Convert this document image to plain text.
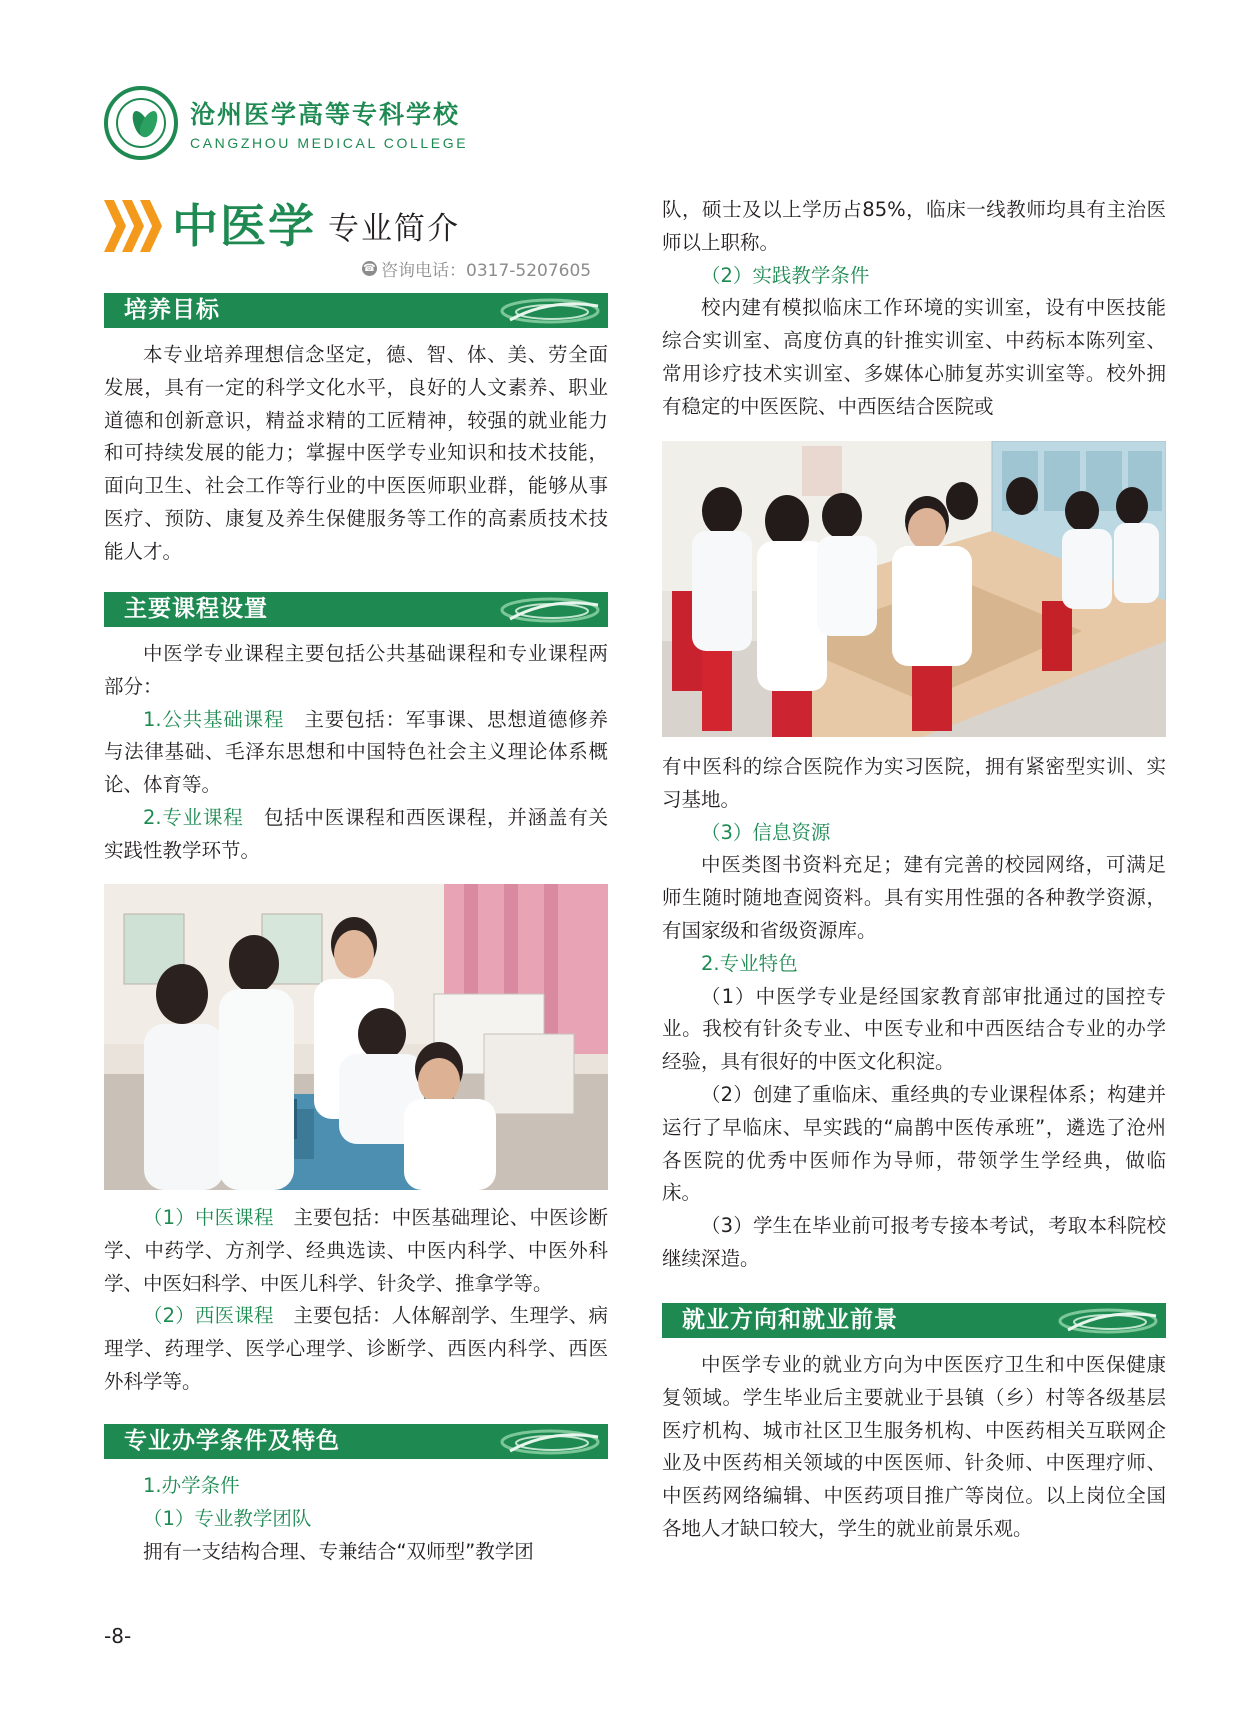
沧州医学高等专科学校
CANGZHOU MEDICAL COLLEGE
中医学 专业简介
☎ 咨询电话：0317-5207605
培养目标

本专业培养理想信念坚定，德、智、体、美、劳全面发展，具有一定的科学文化水平，良好的人文素养、职业道德和创新意识，精益求精的工匠精神，较强的就业能力和可持续发展的能力；掌握中医学专业知识和技术技能，面向卫生、社会工作等行业的中医医师职业群，能够从事医疗、预防、康复及养生保健服务等工作的高素质技术技能人才。

主要课程设置

中医学专业课程主要包括公共基础课程和专业课程两部分：

1.公共基础课程　主要包括：军事课、思想道德修养与法律基础、毛泽东思想和中国特色社会主义理论体系概论、体育等。

2.专业课程　包括中医课程和西医课程，并涵盖有关实践性教学环节。

（1）中医课程　主要包括：中医基础理论、中医诊断学、中药学、方剂学、经典选读、中医内科学、中医外科学、中医妇科学、中医儿科学、针灸学、推拿学等。

（2）西医课程　主要包括：人体解剖学、生理学、病理学、药理学、医学心理学、诊断学、西医内科学、西医外科学等。

专业办学条件及特色

1.办学条件

（1）专业教学团队

拥有一支结构合理、专兼结合“双师型”教学团

队，硕士及以上学历占85%，临床一线教师均具有主治医师以上职称。

（2）实践教学条件

校内建有模拟临床工作环境的实训室，设有中医技能综合实训室、高度仿真的针推实训室、中药标本陈列室、常用诊疗技术实训室、多媒体心肺复苏实训室等。校外拥有稳定的中医医院、中西医结合医院或

有中医科的综合医院作为实习医院，拥有紧密型实训、实习基地。

（3）信息资源

中医类图书资料充足；建有完善的校园网络，可满足师生随时随地查阅资料。具有实用性强的各种教学资源，有国家级和省级资源库。

2.专业特色

（1）中医学专业是经国家教育部审批通过的国控专业。我校有针灸专业、中医专业和中西医结合专业的办学经验，具有很好的中医文化积淀。

（2）创建了重临床、重经典的专业课程体系；构建并运行了早临床、早实践的“扁鹊中医传承班”，遴选了沧州各医院的优秀中医师作为导师，带领学生学经典，做临床。

（3）学生在毕业前可报考专接本考试，考取本科院校继续深造。

就业方向和就业前景

中医学专业的就业方向为中医医疗卫生和中医保健康复领域。学生毕业后主要就业于县镇（乡）村等各级基层医疗机构、城市社区卫生服务机构、中医药相关互联网企业及中医药相关领域的中医医师、针灸师、中医理疗师、中医药网络编辑、中医药项目推广等岗位。以上岗位全国各地人才缺口较大，学生的就业前景乐观。

-8-
